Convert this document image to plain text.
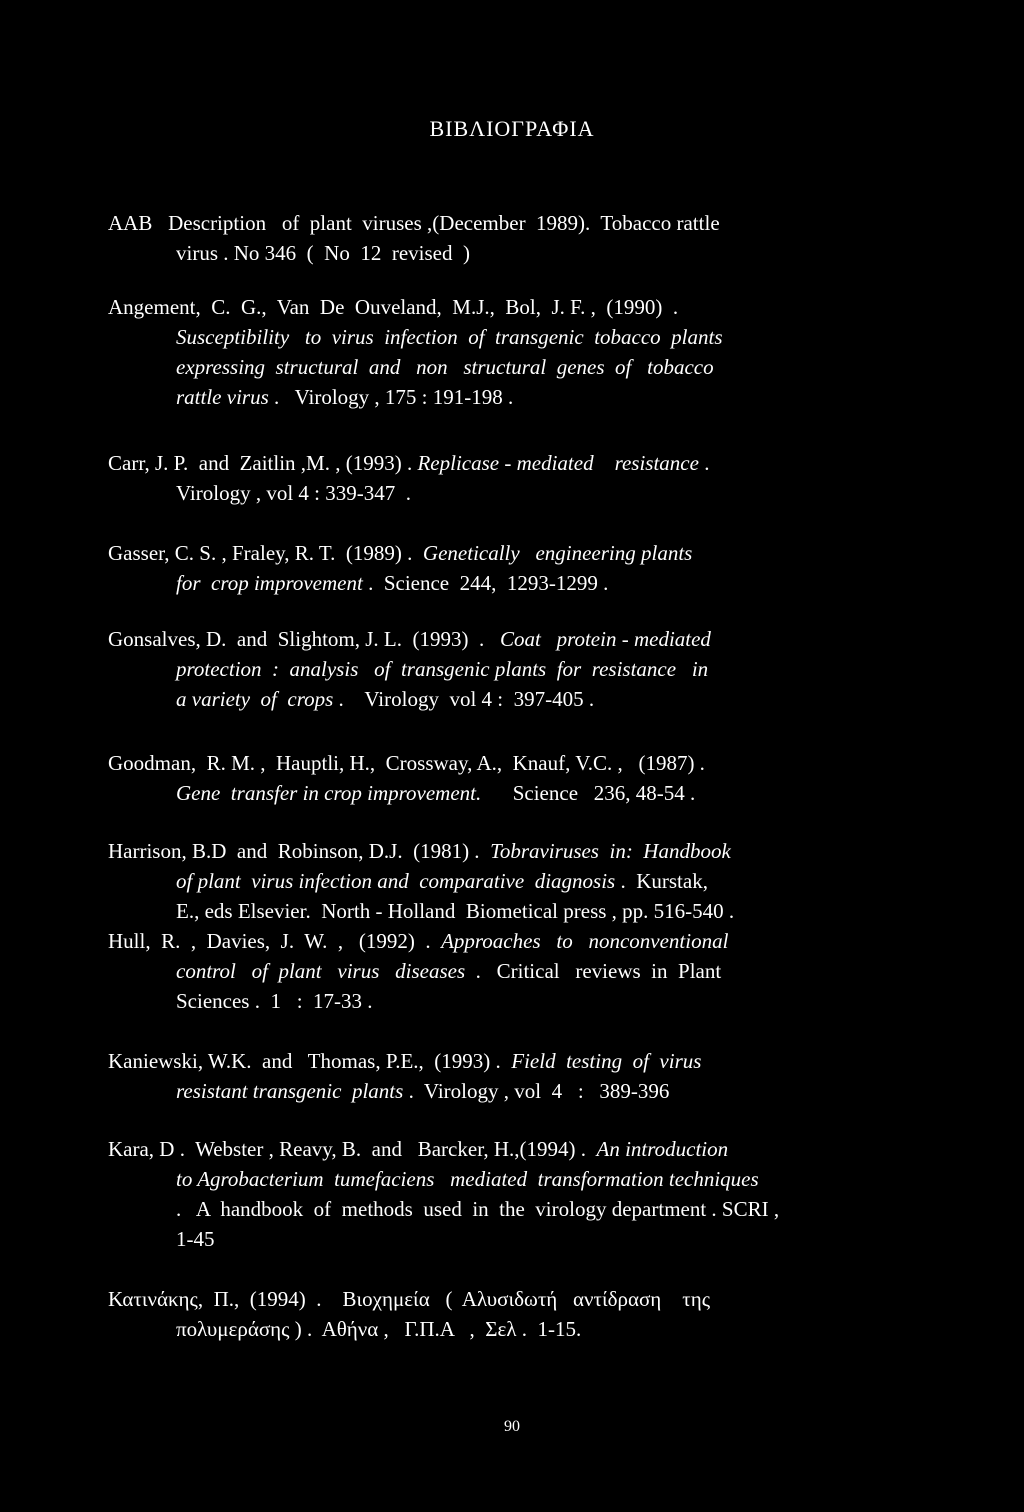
ΒΙΒΛΙΟΓΡΑΦΙΑ
AAB   Description   of  plant  viruses ,(December  1989).  Tobacco rattle
virus . No 346  (  No  12  revised  )
Angement,  C.  G.,  Van  De  Ouveland,  M.J.,  Bol,  J. F. ,  (1990)  .
Susceptibility   to  virus  infection  of  transgenic  tobacco  plants
expressing  structural  and   non   structural  genes  of   tobacco
rattle virus .   Virology , 175 : 191-198 .
Carr, J. P.  and  Zaitlin ,M. , (1993) . Replicase - mediated    resistance .
Virology , vol 4 : 339-347  .
Gasser, C. S. , Fraley, R. T.  (1989) .  Genetically   engineering plants
for  crop improvement .  Science  244,  1293-1299 .
Gonsalves, D.  and  Slightom, J. L.  (1993)  .   Coat   protein - mediated
protection  :  analysis   of  transgenic plants  for  resistance   in
a variety  of  crops .    Virology  vol 4 :  397-405 .
Goodman,  R. M. ,  Hauptli, H.,  Crossway, A.,  Knauf, V.C. ,   (1987) .
Gene  transfer in crop improvement.      Science   236, 48-54 .
Harrison, B.D  and  Robinson, D.J.  (1981) .  Tobraviruses  in:  Handbook
of plant  virus infection and  comparative  diagnosis .  Kurstak,
E., eds Elsevier.  North - Holland  Biometical press , pp. 516-540 .
Hull,  R.  ,  Davies,  J.  W.  ,   (1992)  .  Approaches   to   nonconventional
control   of  plant   virus   diseases  .   Critical   reviews  in  Plant
Sciences .  1   :  17-33 .
Kaniewski, W.K.  and   Thomas, P.E.,  (1993) .  Field  testing  of  virus
resistant transgenic  plants .  Virology , vol  4   :   389-396
Kara, D .  Webster , Reavy, B.  and   Barcker, H.,(1994) .  An introduction
to Agrobacterium  tumefaciens   mediated  transformation techniques
.   A  handbook  of  methods  used  in  the  virology department . SCRI ,
1-45
Κατινάκης,  Π.,  (1994)  .    Βιοχημεία   (  Αλυσιδωτή   αντίδραση    της
πολυμεράσης ) .  Αθήνα ,   Γ.Π.Α   ,  Σελ .  1-15.
90
